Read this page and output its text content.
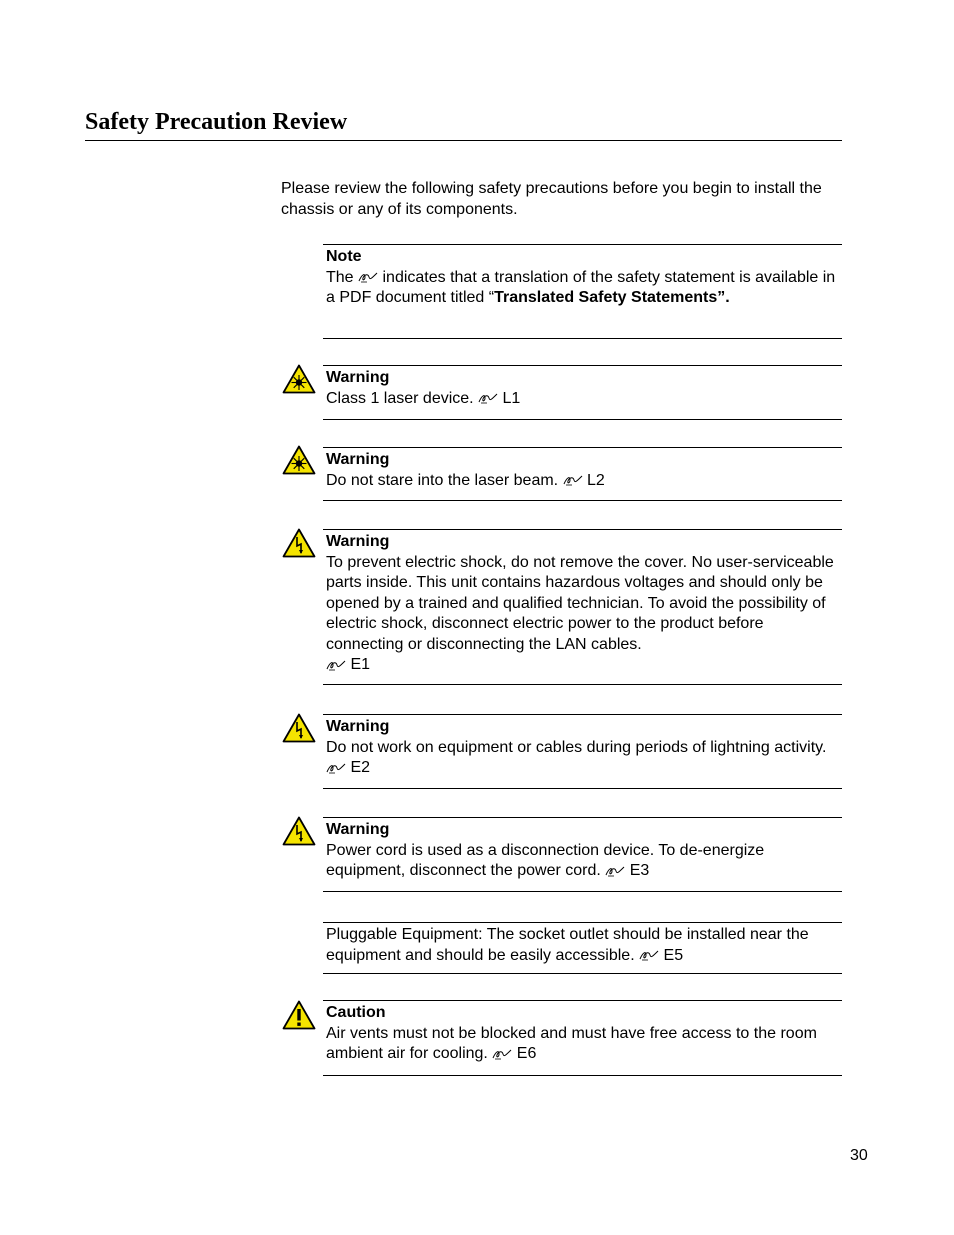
Safety Precaution Review

Please review the following safety precautions before you begin to install the chassis or any of its components.

Note
The indicates that a translation of the safety statement is available in a PDF document titled “Translated Safety Statements”.
Warning
Class 1 laser device. L1
Warning
Do not stare into the laser beam. L2
Warning
To prevent electric shock, do not remove the cover. No user-serviceable parts inside. This unit contains hazardous voltages and should only be opened by a trained and qualified technician. To avoid the possibility of electric shock, disconnect electric power to the product before connecting or disconnecting the LAN cables.
E1
Warning
Do not work on equipment or cables during periods of lightning activity.  E2
Warning
Power cord is used as a disconnection device. To de-energize equipment, disconnect the power cord. E3
Pluggable Equipment: The socket outlet should be installed near the equipment and should be easily accessible. E5
Caution
Air vents must not be blocked and must have free access to the room ambient air for cooling. E6
30
